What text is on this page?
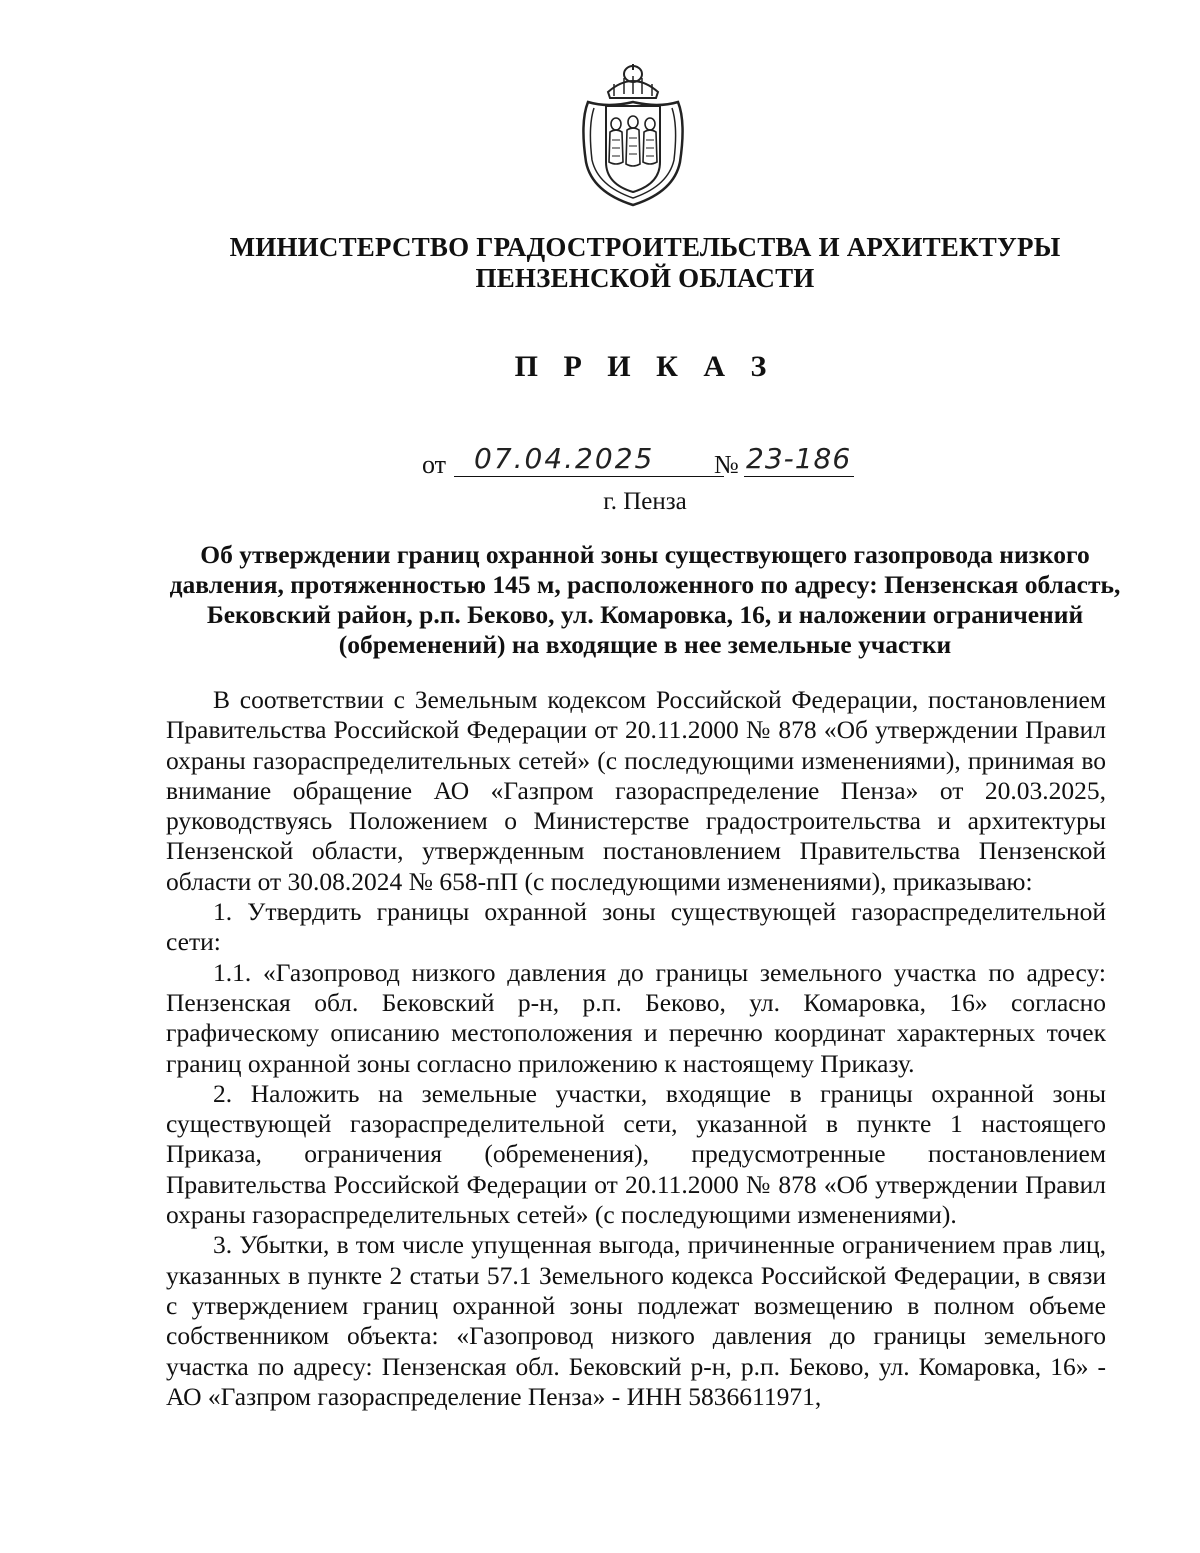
МИНИСТЕРСТВО ГРАДОСТРОИТЕЛЬСТВА И АРХИТЕКТУРЫ
ПЕНЗЕНСКОЙ ОБЛАСТИ
П Р И К А З
от 07.04.2025	№ 23-186
г. Пенза
Об утверждении границ охранной зоны существующего газопровода низкого давления, протяженностью 145 м, расположенного по адресу: Пензенская область, Бековский район, р.п. Беково, ул. Комаровка, 16, и наложении ограничений (обременений) на входящие в нее земельные участки

В соответствии с Земельным кодексом Российской Федерации, постановлением Правительства Российской Федерации от 20.11.2000 № 878 «Об утверждении Правил охраны газораспределительных сетей» (с последующими изменениями), принимая во внимание обращение АО «Газпром газораспределение Пенза» от 20.03.2025, руководствуясь Положением о Министерстве градостроительства и архитектуры Пензенской области, утвержденным постановлением Правительства Пензенской области от 30.08.2024 № 658-пП (с последующими изменениями), приказываю:

1. Утвердить границы охранной зоны существующей газораспределительной сети:

1.1. «Газопровод низкого давления до границы земельного участка по адресу: Пензенская обл. Бековский р-н, р.п. Беково, ул. Комаровка, 16» согласно графическому описанию местоположения и перечню координат характерных точек границ охранной зоны согласно приложению к настоящему Приказу.

2. Наложить на земельные участки, входящие в границы охранной зоны существующей газораспределительной сети, указанной в пункте 1 настоящего Приказа, ограничения (обременения), предусмотренные постановлением Правительства Российской Федерации от 20.11.2000 № 878 «Об утверждении Правил охраны газораспределительных сетей» (с последующими изменениями).

3. Убытки, в том числе упущенная выгода, причиненные ограничением прав лиц, указанных в пункте 2 статьи 57.1 Земельного кодекса Российской Федерации, в связи с утверждением границ охранной зоны подлежат возмещению в полном объеме собственником объекта: «Газопровод низкого давления до границы земельного участка по адресу: Пензенская обл. Бековский р-н, р.п. Беково, ул. Комаровка, 16» - АО «Газпром газораспределение Пенза» - ИНН 5836611971,
